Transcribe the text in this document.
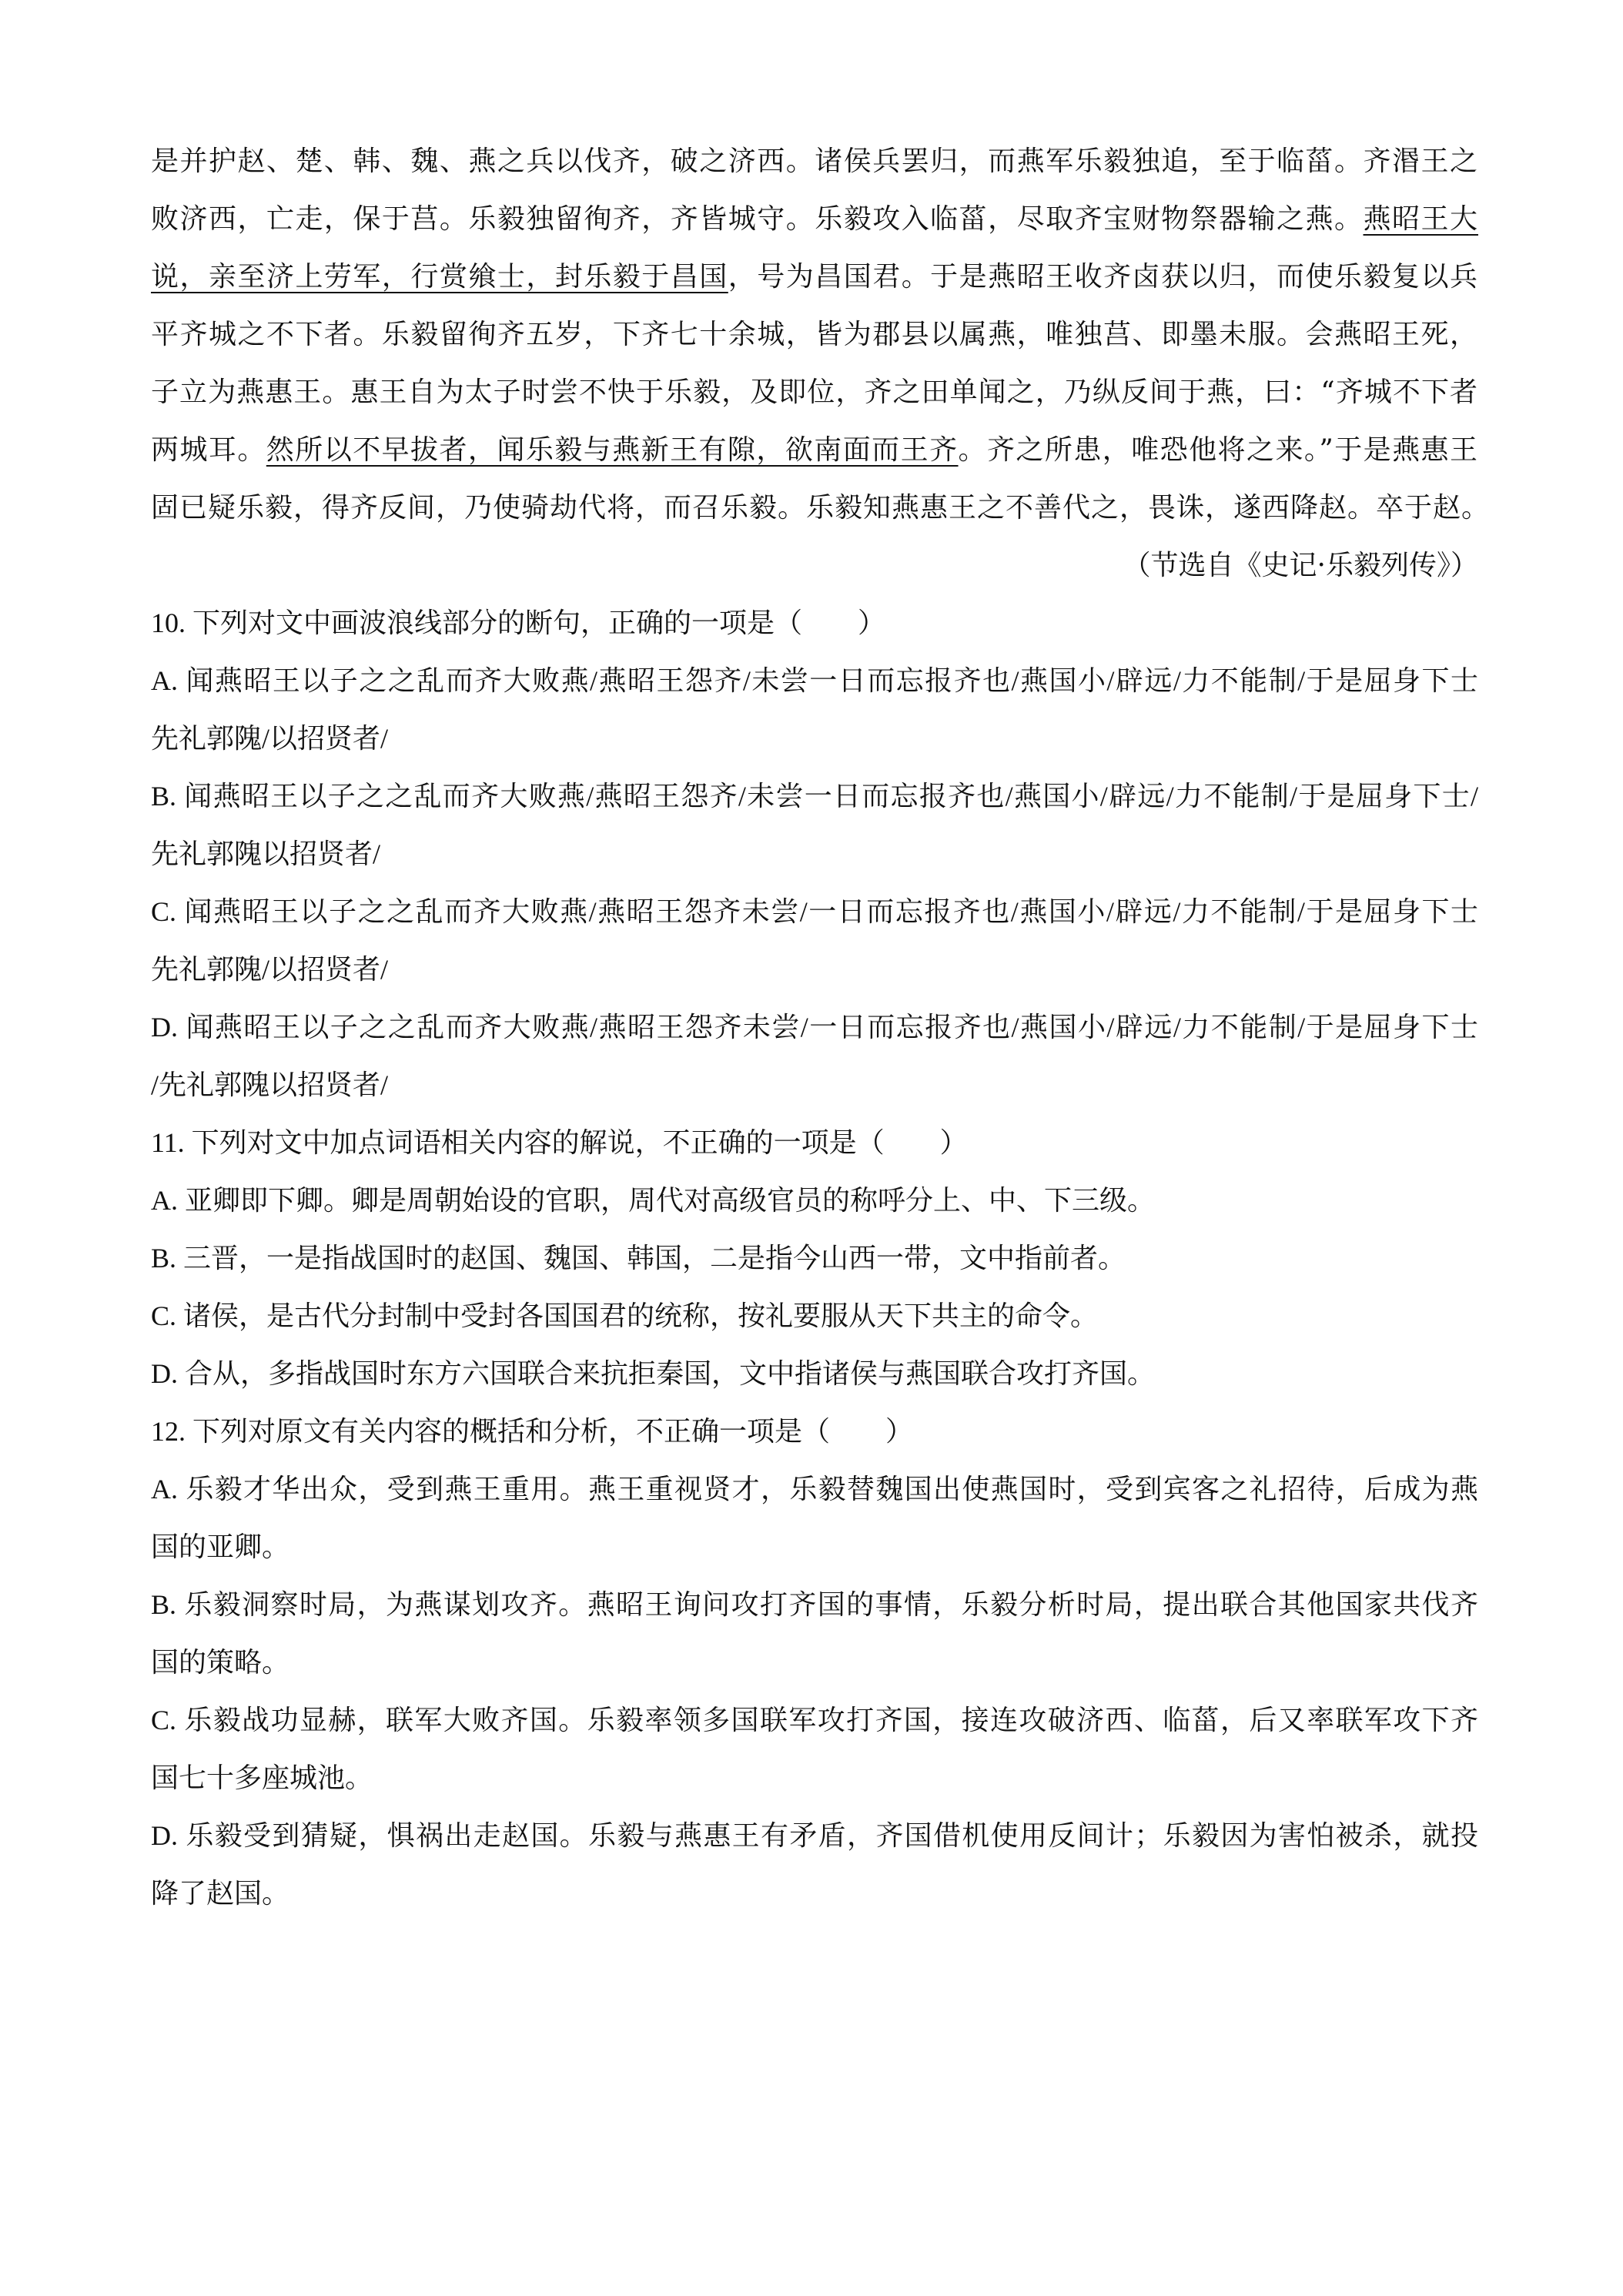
是并护赵、楚、韩、魏、燕之兵以伐齐，破之济西。诸侯兵罢归，而燕军乐毅独追，至于临菑。齐湣王之
败济西，亡走，保于莒。乐毅独留徇齐，齐皆城守。乐毅攻入临菑，尽取齐宝财物祭器输之燕。燕昭王大
说，亲至济上劳军，行赏飨士，封乐毅于昌国，号为昌国君。于是燕昭王收齐卤获以归，而使乐毅复以兵
平齐城之不下者。乐毅留徇齐五岁，下齐七十余城，皆为郡县以属燕，唯独莒、即墨未服。会燕昭王死，
子立为燕惠王。惠王自为太子时尝不快于乐毅，及即位，齐之田单闻之，乃纵反间于燕，曰：“齐城不下者
两城耳。然所以不早拔者，闻乐毅与燕新王有隙，欲南面而王齐。齐之所患，唯恐他将之来。”于是燕惠王
固已疑乐毅，得齐反间，乃使骑劫代将，而召乐毅。乐毅知燕惠王之不善代之，畏诛，遂西降赵。卒于赵。
（节选自《史记·乐毅列传》）
10. 下列对文中画波浪线部分的断句，正确的一项是（　　）
A. 闻燕昭王以子之之乱而齐大败燕/燕昭王怨齐/未尝一日而忘报齐也/燕国小/辟远/力不能制/于是屈身下士
先礼郭隗/以招贤者/
B. 闻燕昭王以子之之乱而齐大败燕/燕昭王怨齐/未尝一日而忘报齐也/燕国小/辟远/力不能制/于是屈身下士/
先礼郭隗以招贤者/
C. 闻燕昭王以子之之乱而齐大败燕/燕昭王怨齐未尝/一日而忘报齐也/燕国小/辟远/力不能制/于是屈身下士
先礼郭隗/以招贤者/
D. 闻燕昭王以子之之乱而齐大败燕/燕昭王怨齐未尝/一日而忘报齐也/燕国小/辟远/力不能制/于是屈身下士
/先礼郭隗以招贤者/
11. 下列对文中加点词语相关内容的解说，不正确的一项是（　　）
A. 亚卿即下卿。卿是周朝始设的官职，周代对高级官员的称呼分上、中、下三级。
B. 三晋，一是指战国时的赵国、魏国、韩国，二是指今山西一带，文中指前者。
C. 诸侯，是古代分封制中受封各国国君的统称，按礼要服从天下共主的命令。
D. 合从，多指战国时东方六国联合来抗拒秦国，文中指诸侯与燕国联合攻打齐国。
12. 下列对原文有关内容的概括和分析，不正确一项是（　　）
A. 乐毅才华出众，受到燕王重用。燕王重视贤才，乐毅替魏国出使燕国时，受到宾客之礼招待，后成为燕
国的亚卿。
B. 乐毅洞察时局，为燕谋划攻齐。燕昭王询问攻打齐国的事情，乐毅分析时局，提出联合其他国家共伐齐
国的策略。
C. 乐毅战功显赫，联军大败齐国。乐毅率领多国联军攻打齐国，接连攻破济西、临菑，后又率联军攻下齐
国七十多座城池。
D. 乐毅受到猜疑，惧祸出走赵国。乐毅与燕惠王有矛盾，齐国借机使用反间计；乐毅因为害怕被杀，就投
降了赵国。
